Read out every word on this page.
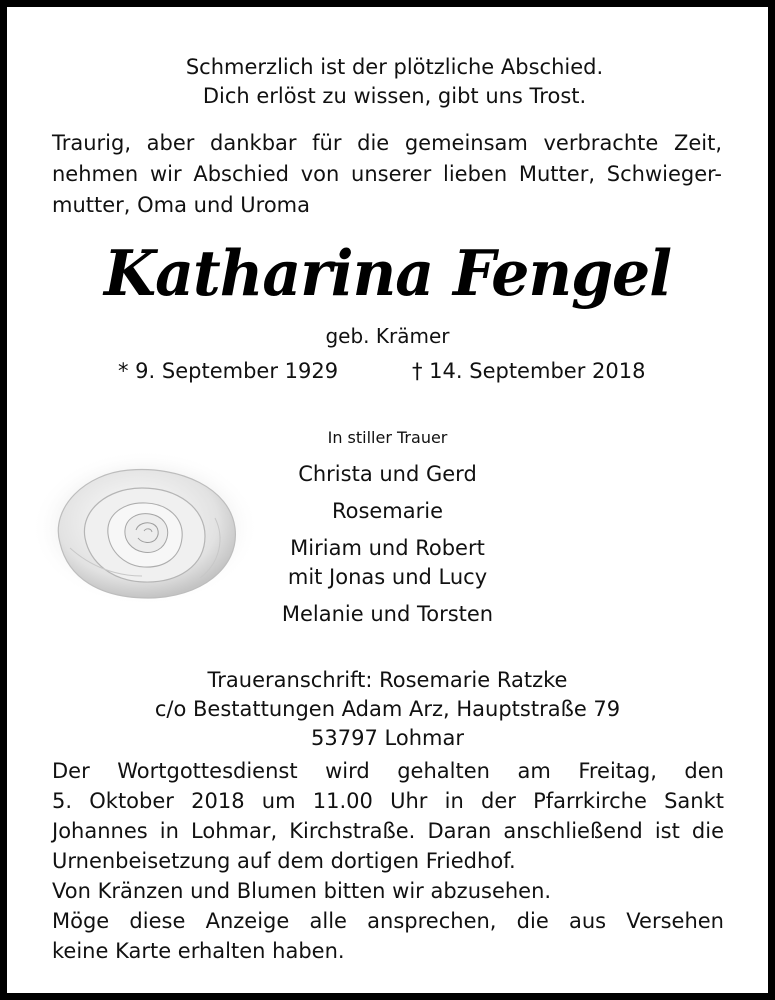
Schmerzlich ist der plötzliche Abschied.
Dich erlöst zu wissen, gibt uns Trost.
Traurig, aber dankbar für die gemeinsam verbrachte Zeit,
nehmen wir Abschied von unserer lieben Mutter, Schwieger-
mutter, Oma und Uroma
Katharina Fengel
geb. Krämer
* 9. September 1929	† 14. September 2018
In stiller Trauer
Christa und Gerd
Rosemarie
Miriam und Robert
mit Jonas und Lucy
Melanie und Torsten
Traueranschrift: Rosemarie Ratzke
c/o Bestattungen Adam Arz, Hauptstraße 79
53797 Lohmar
Der Wortgottesdienst wird gehalten am Freitag, den
5. Oktober 2018 um 11.00 Uhr in der Pfarrkirche Sankt
Johannes in Lohmar, Kirchstraße. Daran anschließend ist die
Urnenbeisetzung auf dem dortigen Friedhof.
Von Kränzen und Blumen bitten wir abzusehen.
Möge diese Anzeige alle ansprechen, die aus Versehen
keine Karte erhalten haben.
